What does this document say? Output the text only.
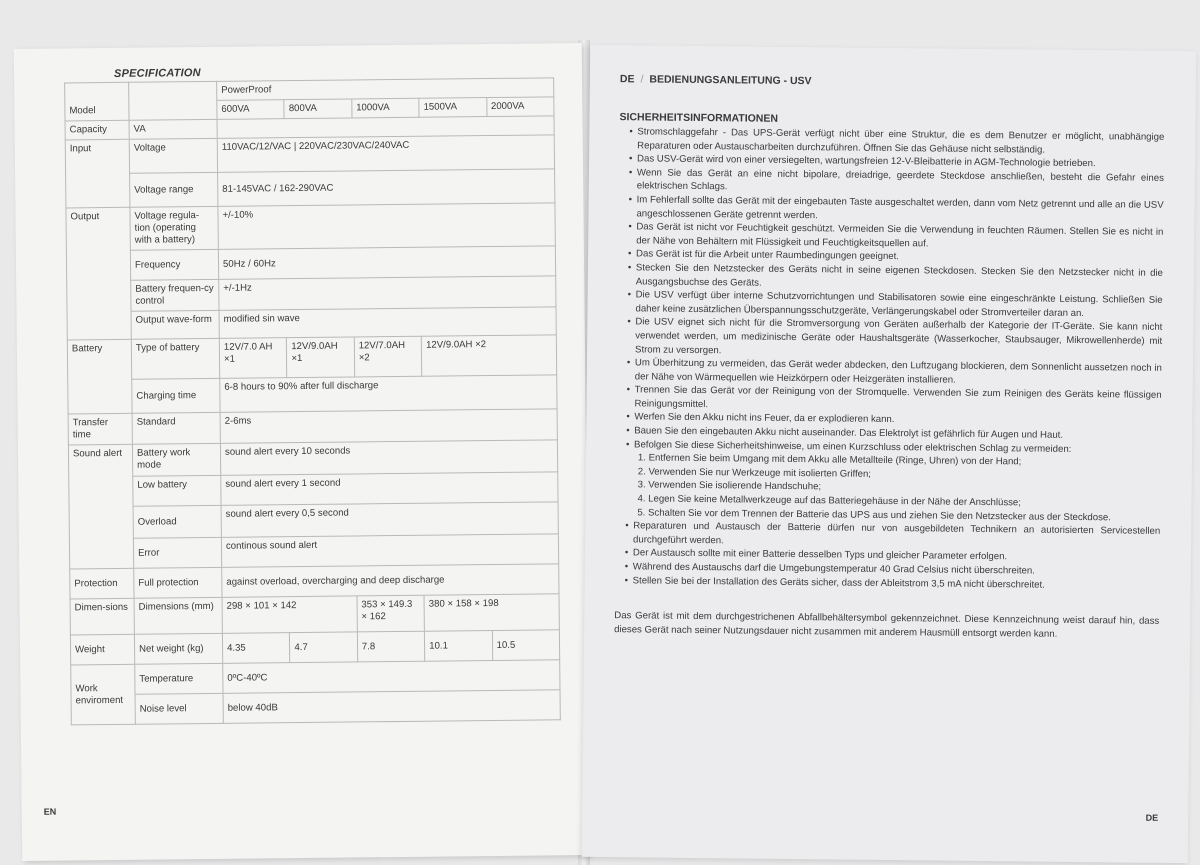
SPECIFICATION
Model		PowerProof				
		600VA	800VA	1000VA	1500VA	2000VA
Capacity	VA					
Input	Voltage	110VAC/12/VAC | 220VAC/230VAC/240VAC				
	Voltage range	81-145VAC / 162-290VAC				
Output	Voltage regula-tion (operating with a battery)	+/-10%				
	Frequency	50Hz / 60Hz				
	Battery frequen-cy control	+/-1Hz				
	Output wave-form	modified sin wave				
Battery	Type of battery	12V/7.0 AH ×1	12V/9.0AH ×1	12V/7.0AH ×2	12V/9.0AH ×2	
	Charging time	6-8 hours to 90% after full discharge				
Transfer time	Standard	2-6ms				
Sound alert	Battery work mode	sound alert every 10 seconds				
	Low battery	sound alert every 1 second				
	Overload	sound alert every 0,5 second				
	Error	continous sound alert				
Protection	Full protection	against overload, overcharging and deep discharge				
Dimen-sions	Dimensions (mm)	298 × 101 × 142		353 × 149.3 × 162	380 × 158 × 198	
Weight	Net weight (kg)	4.35	4.7	7.8	10.1	10.5
Work enviroment	Temperature	0ºC-40ºC				
	Noise level	below 40dB				
EN
DE / BEDIENUNGSANLEITUNG - USV
SICHERHEITSINFORMATIONEN
• Stromschlaggefahr - Das UPS-Gerät verfügt nicht über eine Struktur, die es dem Benutzer er möglicht, unabhängige Reparaturen oder Austauscharbeiten durchzuführen. Öffnen Sie das Gehäuse nicht selbständig.
• Das USV-Gerät wird von einer versiegelten, wartungsfreien 12-V-Bleibatterie in AGM-Technologie betrieben.
• Wenn Sie das Gerät an eine nicht bipolare, dreiadrige, geerdete Steckdose anschließen, besteht die Gefahr eines elektrischen Schlags.
• Im Fehlerfall sollte das Gerät mit der eingebauten Taste ausgeschaltet werden, dann vom Netz getrennt und alle an die USV angeschlossenen Geräte getrennt werden.
• Das Gerät ist nicht vor Feuchtigkeit geschützt. Vermeiden Sie die Verwendung in feuchten Räumen. Stellen Sie es nicht in der Nähe von Behältern mit Flüssigkeit und Feuchtigkeitsquellen auf.
• Das Gerät ist für die Arbeit unter Raumbedingungen geeignet.
• Stecken Sie den Netzstecker des Geräts nicht in seine eigenen Steckdosen. Stecken Sie den Netzstecker nicht in die Ausgangsbuchse des Geräts.
• Die USV verfügt über interne Schutzvorrichtungen und Stabilisatoren sowie eine eingeschränkte Leistung. Schließen Sie daher keine zusätzlichen Überspannungsschutzgeräte, Verlängerungskabel oder Stromverteiler daran an.
• Die USV eignet sich nicht für die Stromversorgung von Geräten außerhalb der Kategorie der IT-Geräte. Sie kann nicht verwendet werden, um medizinische Geräte oder Haushaltsgeräte (Wasserkocher, Staubsauger, Mikrowellenherde) mit Strom zu versorgen.
• Um Überhitzung zu vermeiden, das Gerät weder abdecken, den Luftzugang blockieren, dem Sonnenlicht aussetzen noch in der Nähe von Wärmequellen wie Heizkörpern oder Heizgeräten installieren.
• Trennen Sie das Gerät vor der Reinigung von der Stromquelle. Verwenden Sie zum Reinigen des Geräts keine flüssigen Reinigungsmittel.
• Werfen Sie den Akku nicht ins Feuer, da er explodieren kann.
• Bauen Sie den eingebauten Akku nicht auseinander. Das Elektrolyt ist gefährlich für Augen und Haut.
• Befolgen Sie diese Sicherheitshinweise, um einen Kurzschluss oder elektrischen Schlag zu vermeiden:
1. Entfernen Sie beim Umgang mit dem Akku alle Metallteile (Ringe, Uhren) von der Hand;
2. Verwenden Sie nur Werkzeuge mit isolierten Griffen;
3. Verwenden Sie isolierende Handschuhe;
4. Legen Sie keine Metallwerkzeuge auf das Batteriegehäuse in der Nähe der Anschlüsse;
5. Schalten Sie vor dem Trennen der Batterie das UPS aus und ziehen Sie den Netzstecker aus der Steckdose.
• Reparaturen und Austausch der Batterie dürfen nur von ausgebildeten Technikern an autorisierten Servicestellen durchgeführt werden.
• Der Austausch sollte mit einer Batterie desselben Typs und gleicher Parameter erfolgen.
• Während des Austauschs darf die Umgebungstemperatur 40 Grad Celsius nicht überschreiten.
• Stellen Sie bei der Installation des Geräts sicher, dass der Ableitstrom 3,5 mA nicht überschreitet.
Das Gerät ist mit dem durchgestrichenen Abfallbehältersymbol gekennzeichnet. Diese Kennzeichnung weist darauf hin, dass dieses Gerät nach seiner Nutzungsdauer nicht zusammen mit anderem Hausmüll entsorgt werden kann.
DE
